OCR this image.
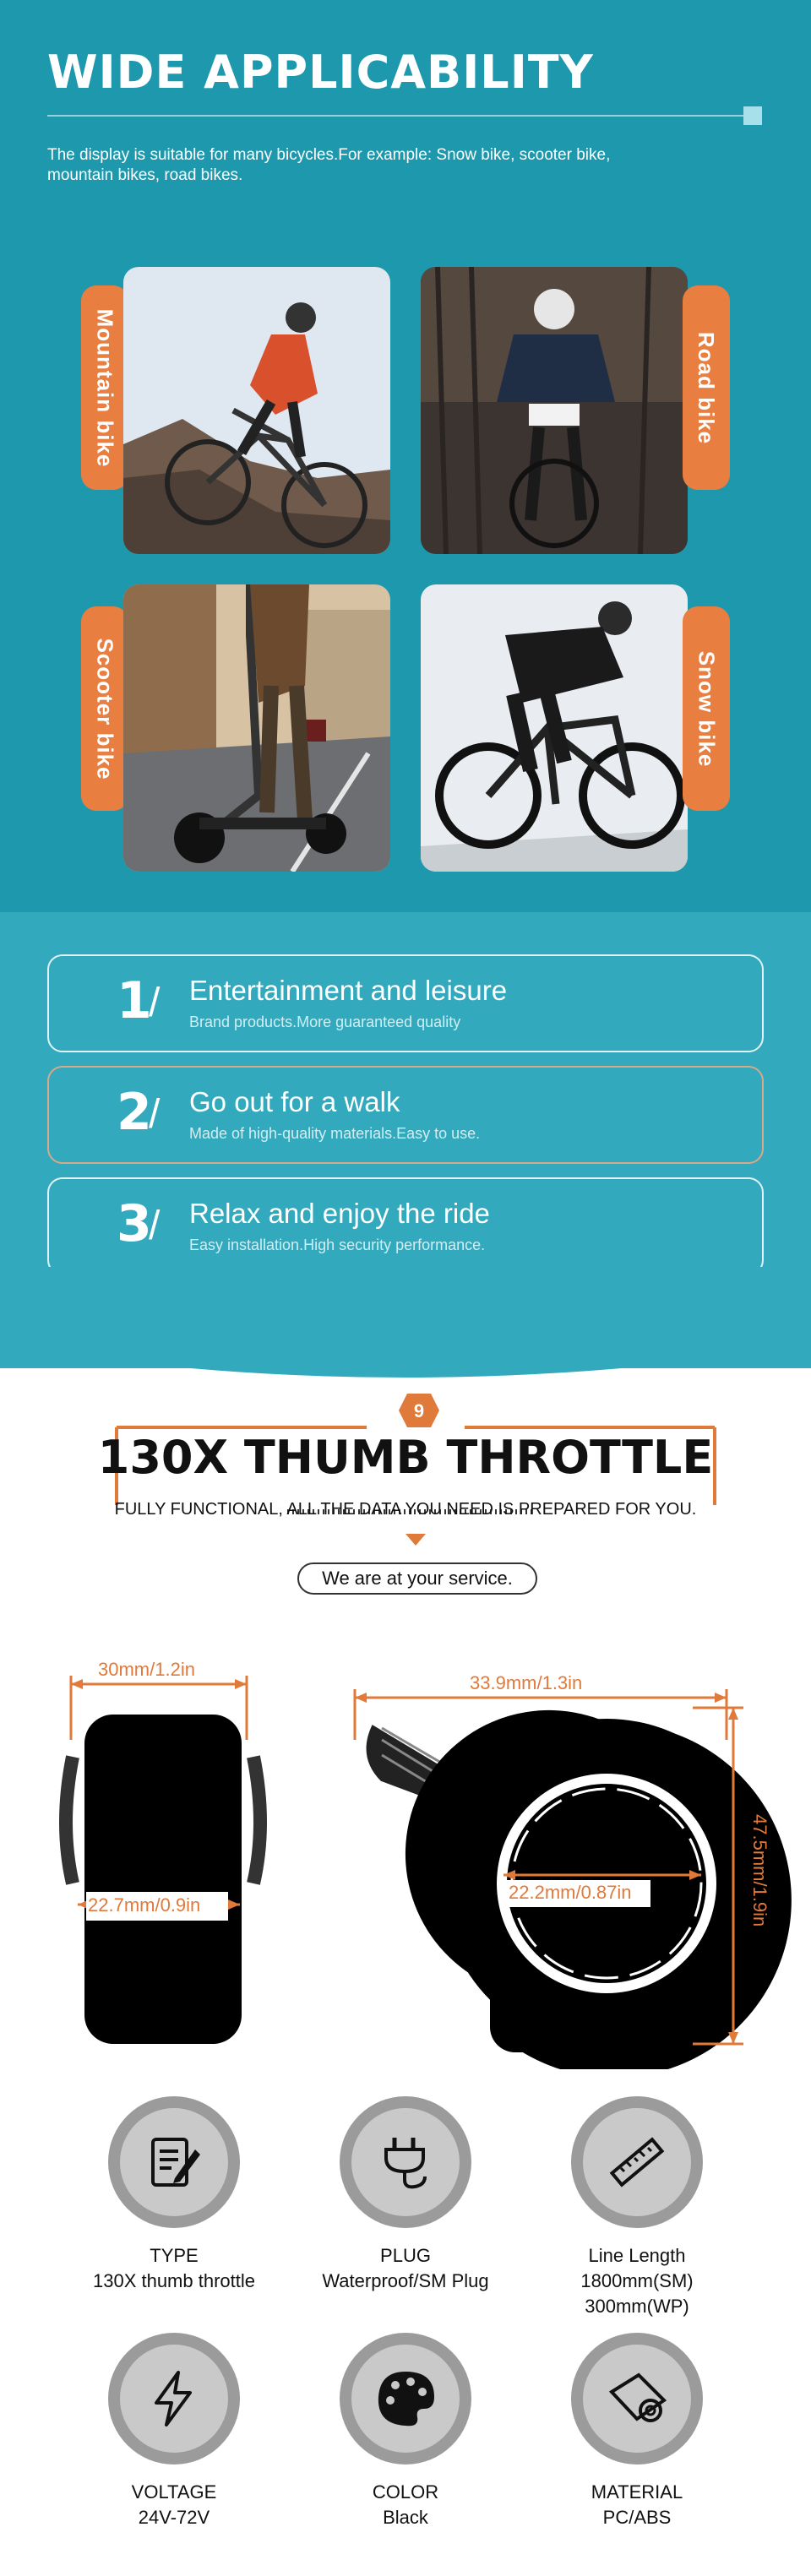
WIDE APPLICABILITY

The display is suitable for many bicycles.For example: Snow bike, scooter bike, mountain bikes, road bikes.

Mountain bike	Road bike
Scooter bike	Snow bike
1
/ Entertainment and leisure
Brand products.More guaranteed quality
2
/ Go out for a walk
Made of high-quality materials.Easy to use.
3
/ Relax and enjoy the ride
Easy installation.High security performance.
9
130X THUMB THROTTLE

FULLY FUNCTIONAL, ALL THE DATA YOU NEED IS PREPARED FOR YOU.

We are at your service.
30mm/1.2in
22.7mm/0.9in
33.9mm/1.3in
22.2mm/0.87in	47.5mm/1.9in
TYPE
130X thumb throttle
PLUG
Waterproof/SM Plug
Line Length
1800mm(SM)
300mm(WP)
VOLTAGE
24V-72V
COLOR
Black
MATERIAL
PC/ABS
